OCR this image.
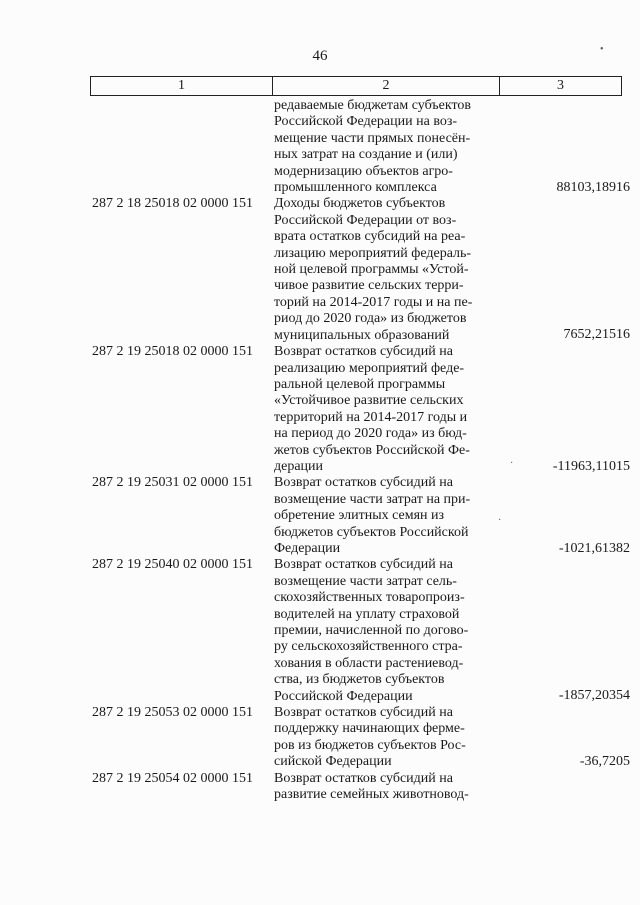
46
1	2	3
•
редаваемые бюджетам субъектов
Российской Федерации на воз-
мещение части прямых понесён-
ных затрат на создание и (или)
модернизацию объектов агро-
промышленного комплекса	88103,18916
287 2 18 25018 02 0000 151	Доходы бюджетов субъектов
Российской Федерации от воз-
врата остатков субсидий на реа-
лизацию мероприятий федераль-
ной целевой программы «Устой-
чивое развитие сельских терри-
торий на 2014-2017 годы и на пе-
риод до 2020 года» из бюджетов
муниципальных образований	7652,21516
287 2 19 25018 02 0000 151	Возврат остатков субсидий на
реализацию мероприятий феде-
ральной целевой программы
«Устойчивое развитие сельских
территорий на 2014-2017 годы и
на период до 2020 года» из бюд-
жетов субъектов Российской Фе-
дерации	-11963,11015
287 2 19 25031 02 0000 151	Возврат остатков субсидий на
возмещение части затрат на при-
обретение элитных семян из
бюджетов субъектов Российской
Федерации	-1021,61382
287 2 19 25040 02 0000 151	Возврат остатков субсидий на
возмещение части затрат сель-
скохозяйственных товаропроиз-
водителей на уплату страховой
премии, начисленной по догово-
ру сельскохозяйственного стра-
хования в области растениевод-
ства, из бюджетов субъектов
Российской Федерации	-1857,20354
287 2 19 25053 02 0000 151	Возврат остатков субсидий на
поддержку начинающих ферме-
ров из бюджетов субъектов Рос-
сийской Федерации	-36,7205
287 2 19 25054 02 0000 151	Возврат остатков субсидий на
развитие семейных животновод-
·
·
